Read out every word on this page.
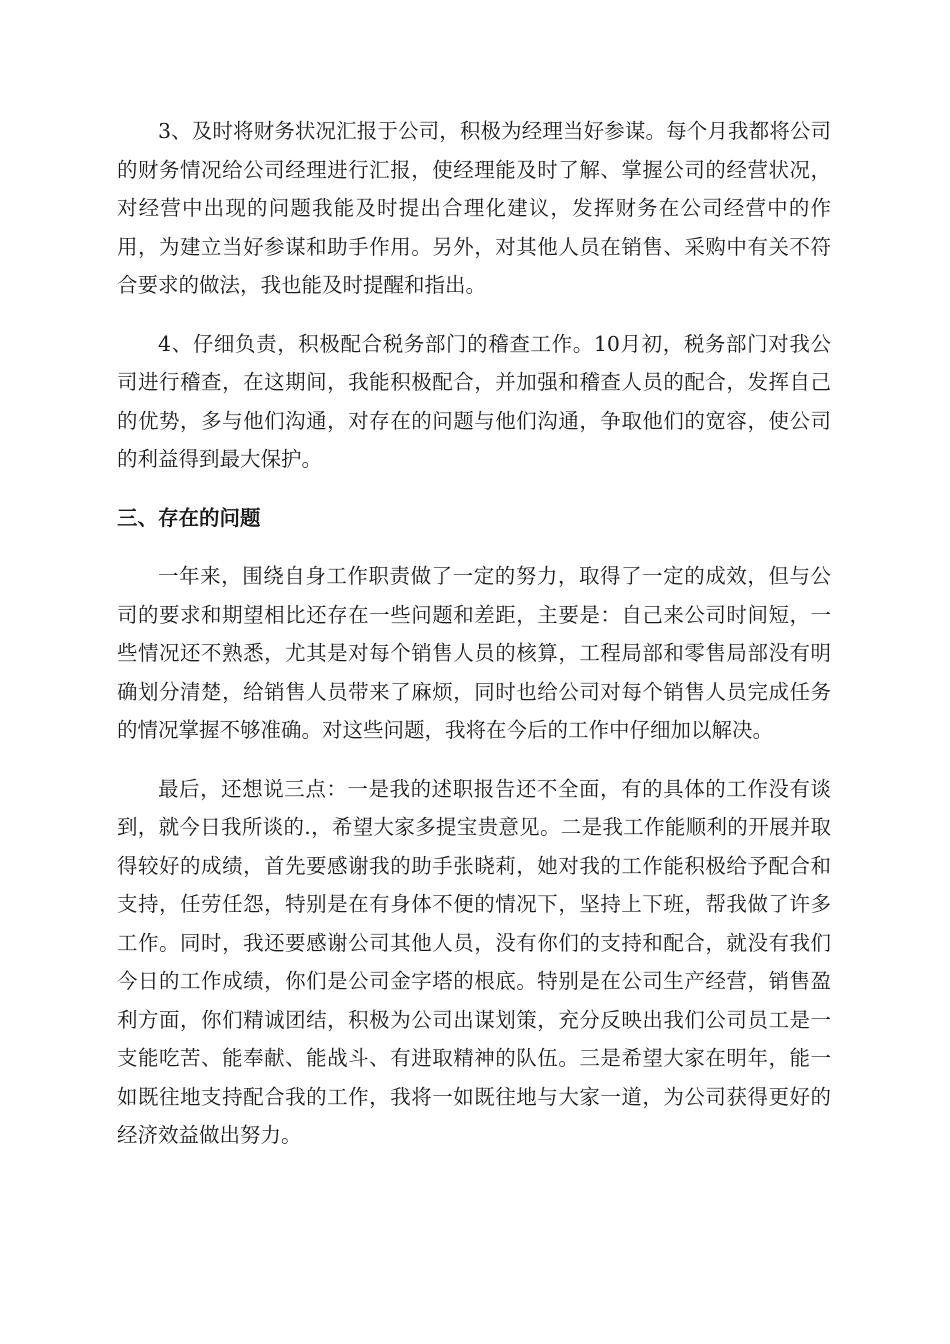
3、及时将财务状况汇报于公司，积极为经理当好参谋。每个月我都将公司的财务情况给公司经理进行汇报，使经理能及时了解、掌握公司的经营状况，对经营中出现的问题我能及时提出合理化建议，发挥财务在公司经营中的作用，为建立当好参谋和助手作用。另外，对其他人员在销售、采购中有关不符合要求的做法，我也能及时提醒和指出。

4、仔细负责，积极配合税务部门的稽查工作。10月初，税务部门对我公司进行稽查，在这期间，我能积极配合，并加强和稽查人员的配合，发挥自己的优势，多与他们沟通，对存在的问题与他们沟通，争取他们的宽容，使公司的利益得到最大保护。

三、存在的问题

一年来，围绕自身工作职责做了一定的努力，取得了一定的成效，但与公司的要求和期望相比还存在一些问题和差距，主要是：自己来公司时间短，一些情况还不熟悉，尤其是对每个销售人员的核算，工程局部和零售局部没有明确划分清楚，给销售人员带来了麻烦，同时也给公司对每个销售人员完成任务的情况掌握不够准确。对这些问题，我将在今后的工作中仔细加以解决。

最后，还想说三点：一是我的述职报告还不全面，有的具体的工作没有谈到，就今日我所谈的.，希望大家多提宝贵意见。二是我工作能顺利的开展并取得较好的成绩，首先要感谢我的助手张晓莉，她对我的工作能积极给予配合和支持，任劳任怨，特别是在有身体不便的情况下，坚持上下班，帮我做了许多工作。同时，我还要感谢公司其他人员，没有你们的支持和配合，就没有我们今日的工作成绩，你们是公司金字塔的根底。特别是在公司生产经营，销售盈利方面，你们精诚团结，积极为公司出谋划策，充分反映出我们公司员工是一支能吃苦、能奉献、能战斗、有进取精神的队伍。三是希望大家在明年，能一如既往地支持配合我的工作，我将一如既往地与大家一道，为公司获得更好的经济效益做出努力。
